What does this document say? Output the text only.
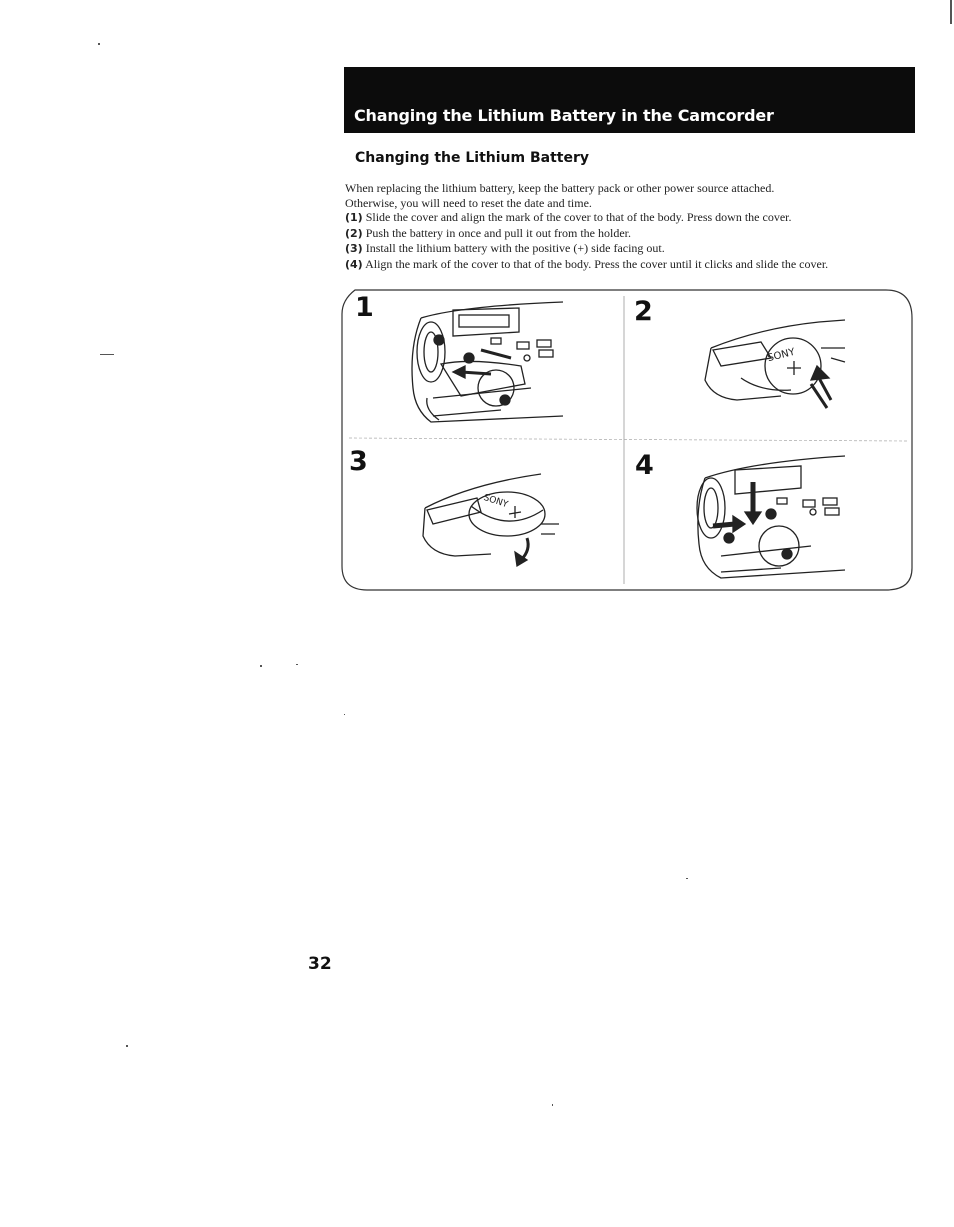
Changing the Lithium Battery in the Camcorder
Changing the Lithium Battery

When replacing the lithium battery, keep the battery pack or other power source attached.

Otherwise, you will need to reset the date and time.

(1) Slide the cover and align the mark of the cover to that of the body. Press down the cover.

(2) Push the battery in once and pull it out from the holder.

(3) Install the lithium battery with the positive (+) side facing out.

(4) Align the mark of the cover to that of the body. Press the cover until it clicks and slide the cover.

SONY
SONY
1	2
3	4
32
